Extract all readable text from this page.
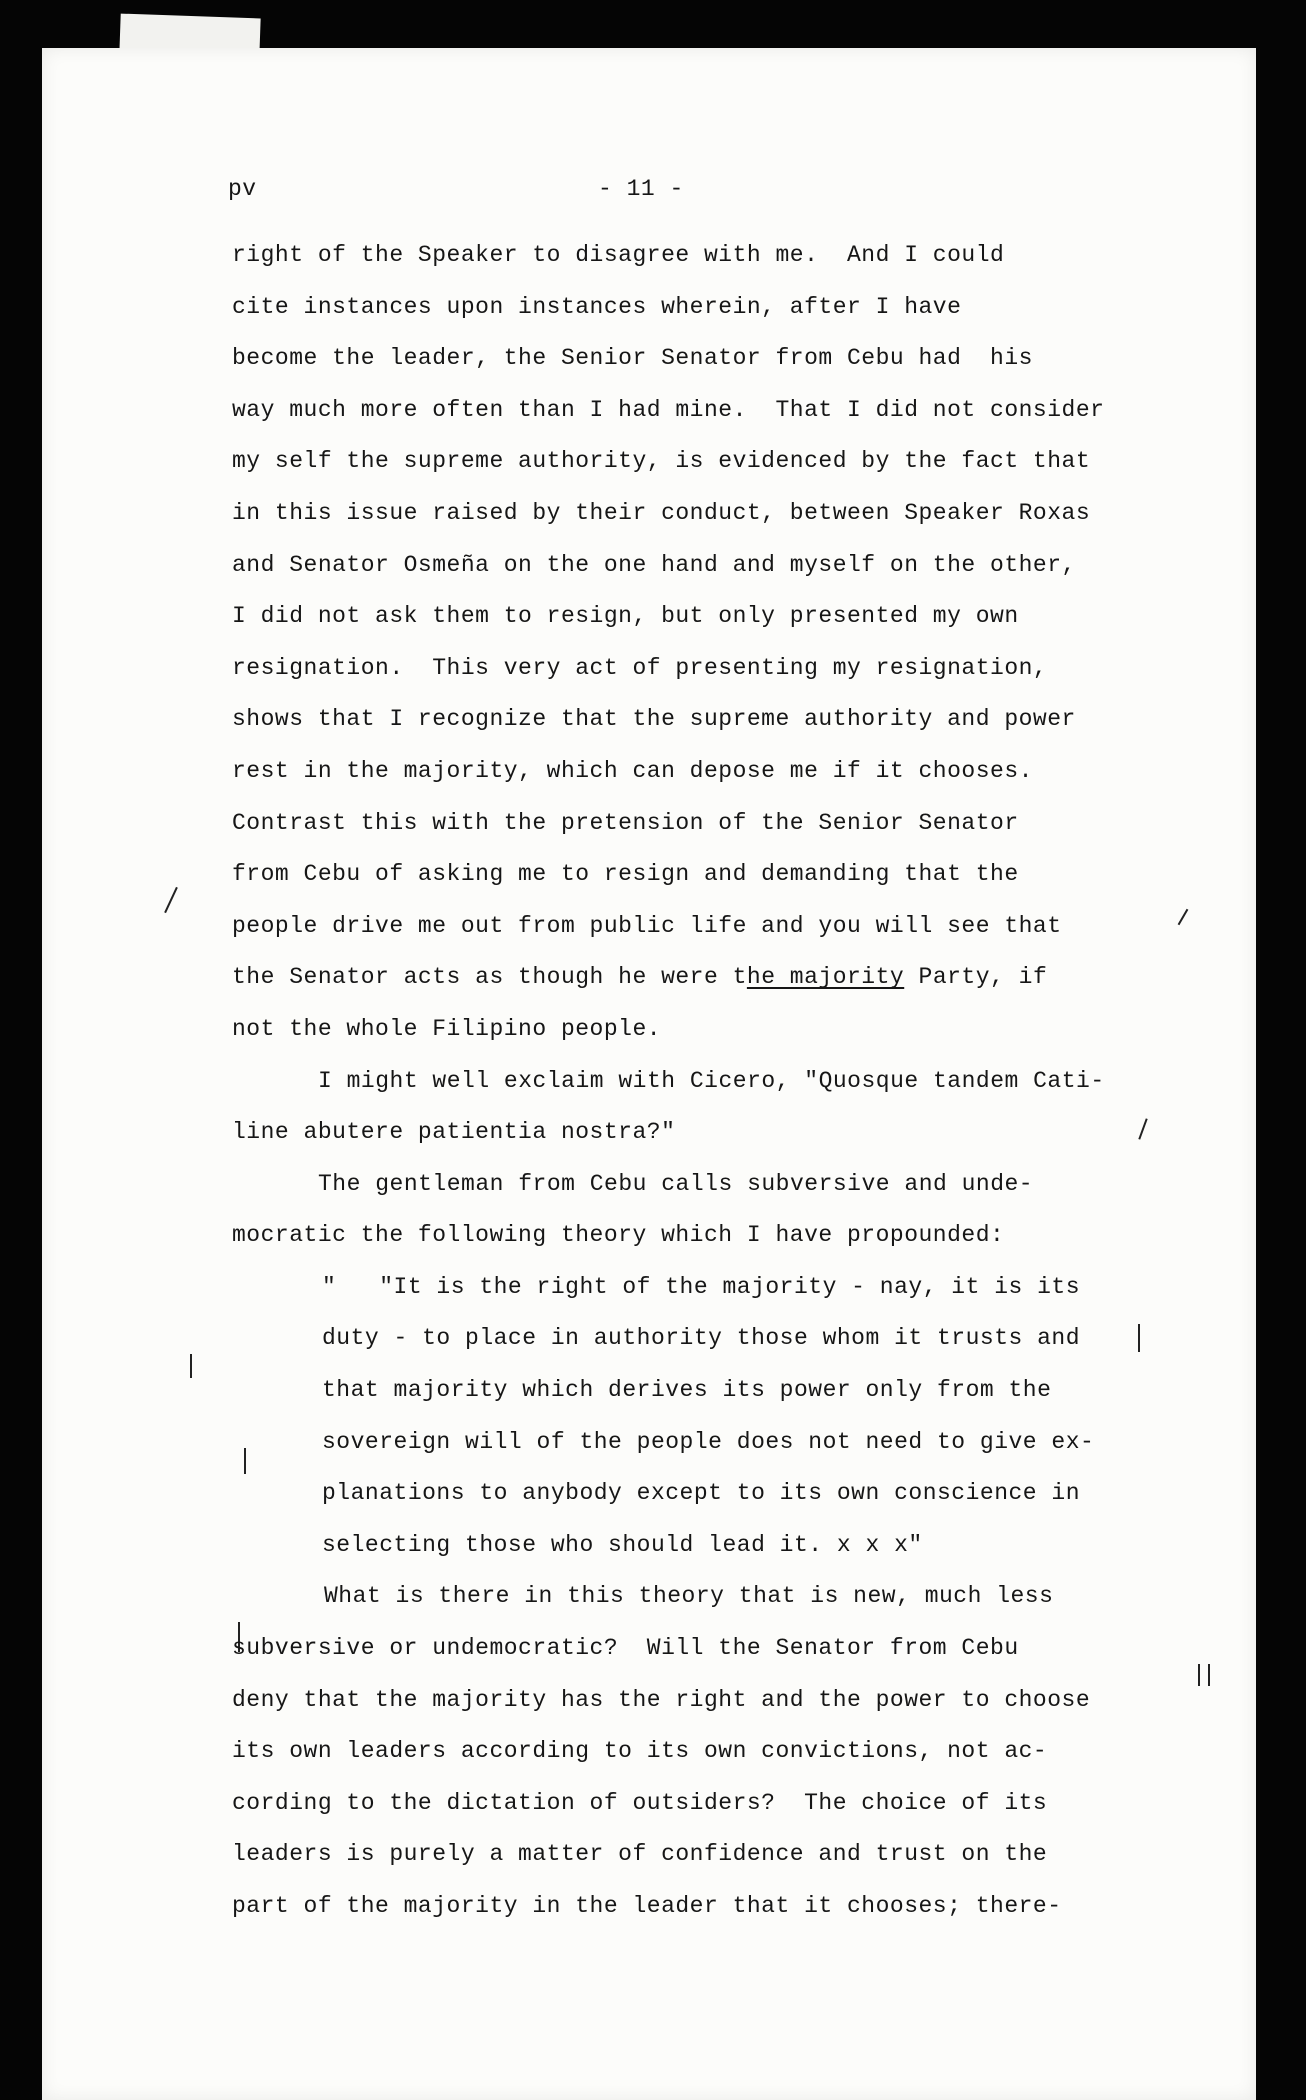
pv	- 11 -
right of the Speaker to disagree with me.  And I could
cite instances upon instances wherein, after I have
become the leader, the Senior Senator from Cebu had  his
way much more often than I had mine.  That I did not consider
my self the supreme authority, is evidenced by the fact that
in this issue raised by their conduct, between Speaker Roxas
and Senator Osmeña on the one hand and myself on the other,
I did not ask them to resign, but only presented my own
resignation.  This very act of presenting my resignation,
shows that I recognize that the supreme authority and power
rest in the majority, which can depose me if it chooses.
Contrast this with the pretension of the Senior Senator
from Cebu of asking me to resign and demanding that the
people drive me out from public life and you will see that
the Senator acts as though he were the majority Party, if
not the whole Filipino people.
I might well exclaim with Cicero, "Quosque tandem Cati-
line abutere patientia nostra?"
The gentleman from Cebu calls subversive and unde-
mocratic the following theory which I have propounded:
"   "It is the right of the majority - nay, it is its
duty - to place in authority those whom it trusts and
that majority which derives its power only from the
sovereign will of the people does not need to give ex-
planations to anybody except to its own conscience in
selecting those who should lead it. x x x"
What is there in this theory that is new, much less
subversive or undemocratic?  Will the Senator from Cebu
deny that the majority has the right and the power to choose
its own leaders according to its own convictions, not ac-
cording to the dictation of outsiders?  The choice of its
leaders is purely a matter of confidence and trust on the
part of the majority in the leader that it chooses; there-
